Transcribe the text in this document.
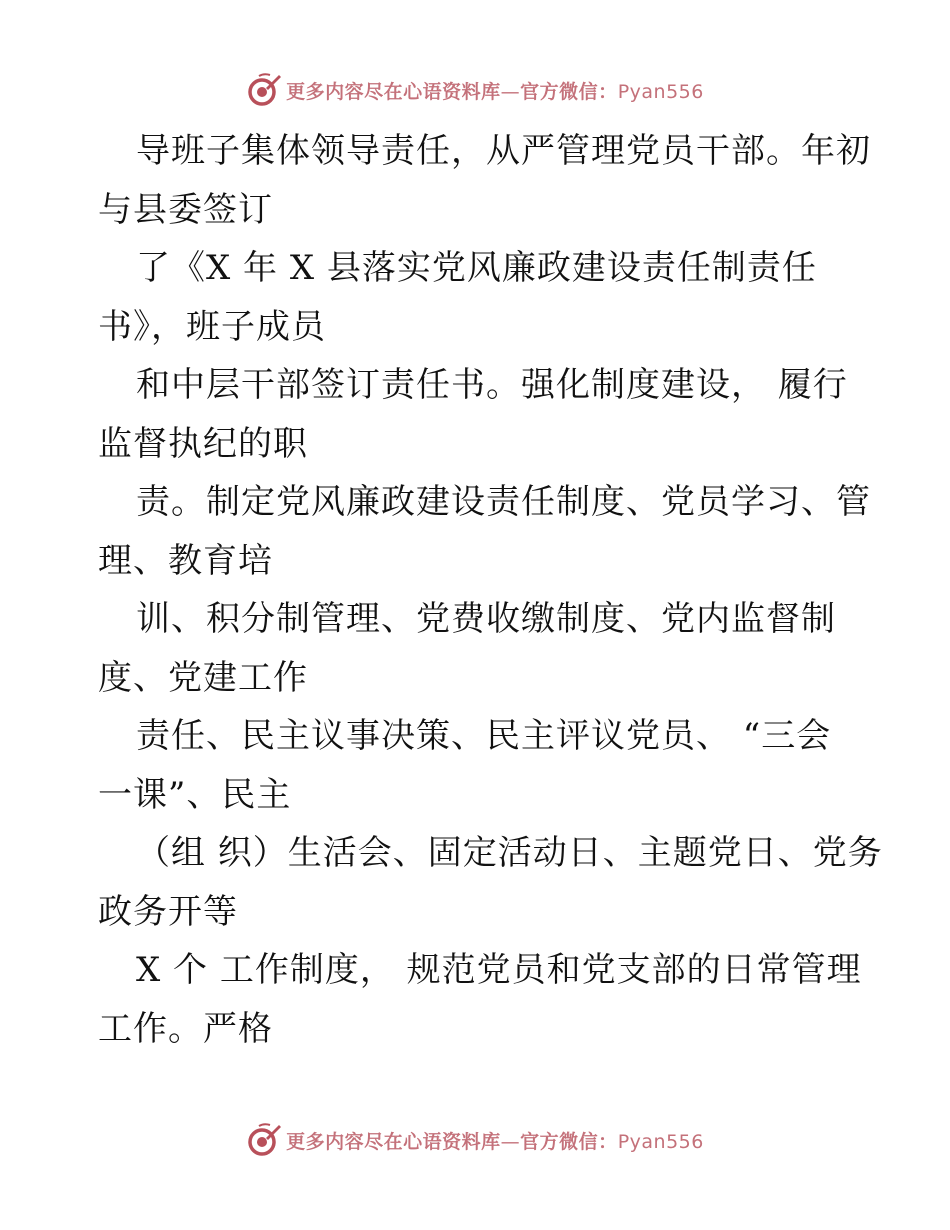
更多内容尽在心语资料库—官方微信：Pyan556
导班子集体领导责任，从严管理党员干部。年初
与县委签订
了《X 年 X 县落实党风廉政建设责任制责任
书》，班子成员
和中层干部签订责任书。强化制度建设， 履行
监督执纪的职
责。制定党风廉政建设责任制度、党员学习、管
理、教育培
训、积分制管理、党费收缴制度、党内监督制
度、党建工作
责任、民主议事决策、民主评议党员、 “三会
一课”、民主
（组 织）生活会、固定活动日、主题党日、党务
政务开等
X 个 工作制度， 规范党员和党支部的日常管理
工作。严格
更多内容尽在心语资料库—官方微信：Pyan556
